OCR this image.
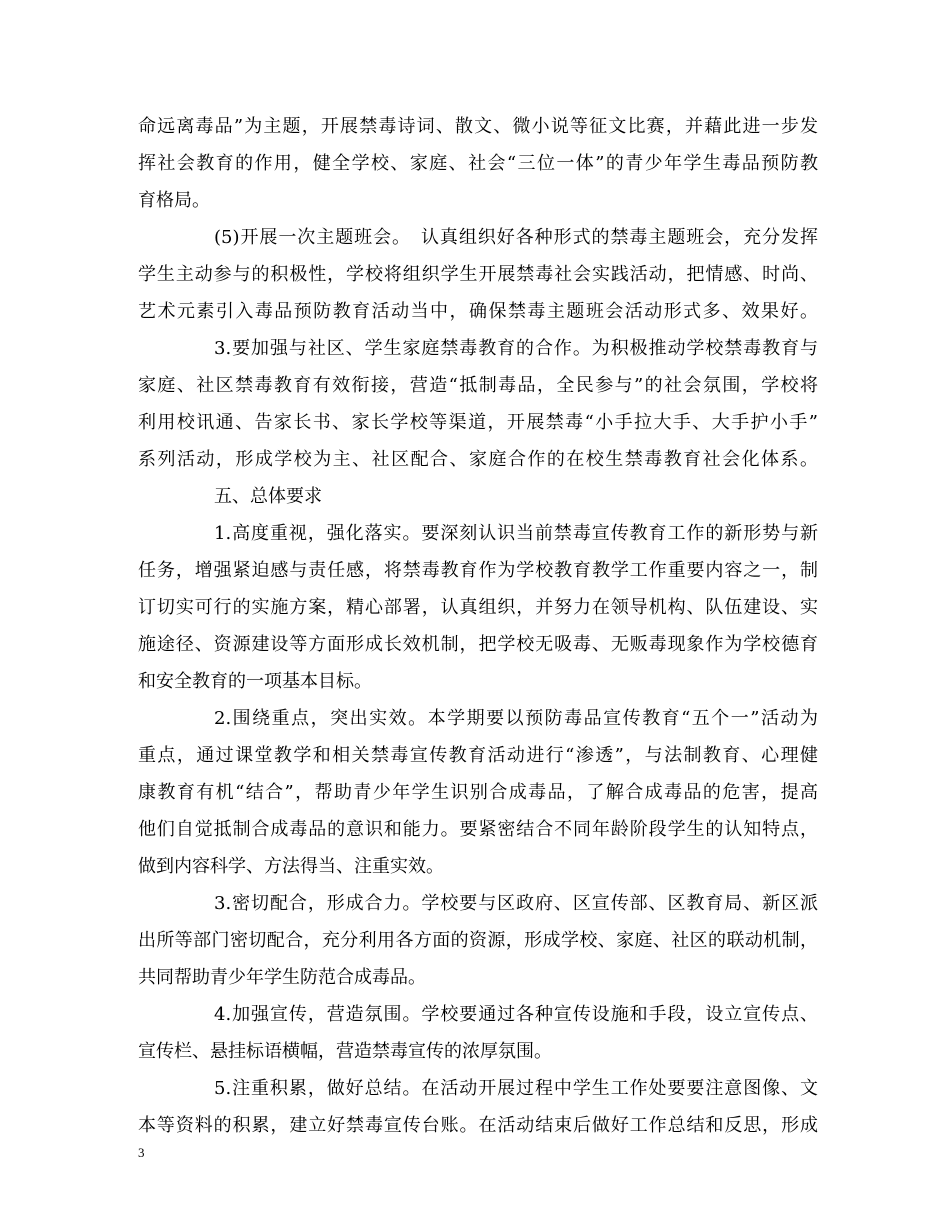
命远离毒品”为主题，开展禁毒诗词、散文、微小说等征文比赛，并藉此进一步发
挥社会教育的作用，健全学校、家庭、社会“三位一体”的青少年学生毒品预防教
育格局。
(5)开展一次主题班会。　认真组织好各种形式的禁毒主题班会，充分发挥
学生主动参与的积极性，学校将组织学生开展禁毒社会实践活动，把情感、时尚、
艺术元素引入毒品预防教育活动当中，确保禁毒主题班会活动形式多、效果好。
3.要加强与社区、学生家庭禁毒教育的合作。为积极推动学校禁毒教育与
家庭、社区禁毒教育有效衔接，营造“抵制毒品，全民参与”的社会氛围，学校将
利用校讯通、告家长书、家长学校等渠道，开展禁毒“小手拉大手、大手护小手”
系列活动，形成学校为主、社区配合、家庭合作的在校生禁毒教育社会化体系。
五、总体要求
1.高度重视，强化落实。要深刻认识当前禁毒宣传教育工作的新形势与新
任务，增强紧迫感与责任感，将禁毒教育作为学校教育教学工作重要内容之一，制
订切实可行的实施方案，精心部署，认真组织，并努力在领导机构、队伍建设、实
施途径、资源建设等方面形成长效机制，把学校无吸毒、无贩毒现象作为学校德育
和安全教育的一项基本目标。
2.围绕重点，突出实效。本学期要以预防毒品宣传教育“五个一”活动为
重点，通过课堂教学和相关禁毒宣传教育活动进行“渗透”，与法制教育、心理健
康教育有机“结合”，帮助青少年学生识别合成毒品，了解合成毒品的危害，提高
他们自觉抵制合成毒品的意识和能力。要紧密结合不同年龄阶段学生的认知特点，
做到内容科学、方法得当、注重实效。
3.密切配合，形成合力。学校要与区政府、区宣传部、区教育局、新区派
出所等部门密切配合，充分利用各方面的资源，形成学校、家庭、社区的联动机制，
共同帮助青少年学生防范合成毒品。
4.加强宣传，营造氛围。学校要通过各种宣传设施和手段，设立宣传点、
宣传栏、悬挂标语横幅，营造禁毒宣传的浓厚氛围。
5.注重积累，做好总结。在活动开展过程中学生工作处要要注意图像、文
本等资料的积累，建立好禁毒宣传台账。在活动结束后做好工作总结和反思，形成
3
